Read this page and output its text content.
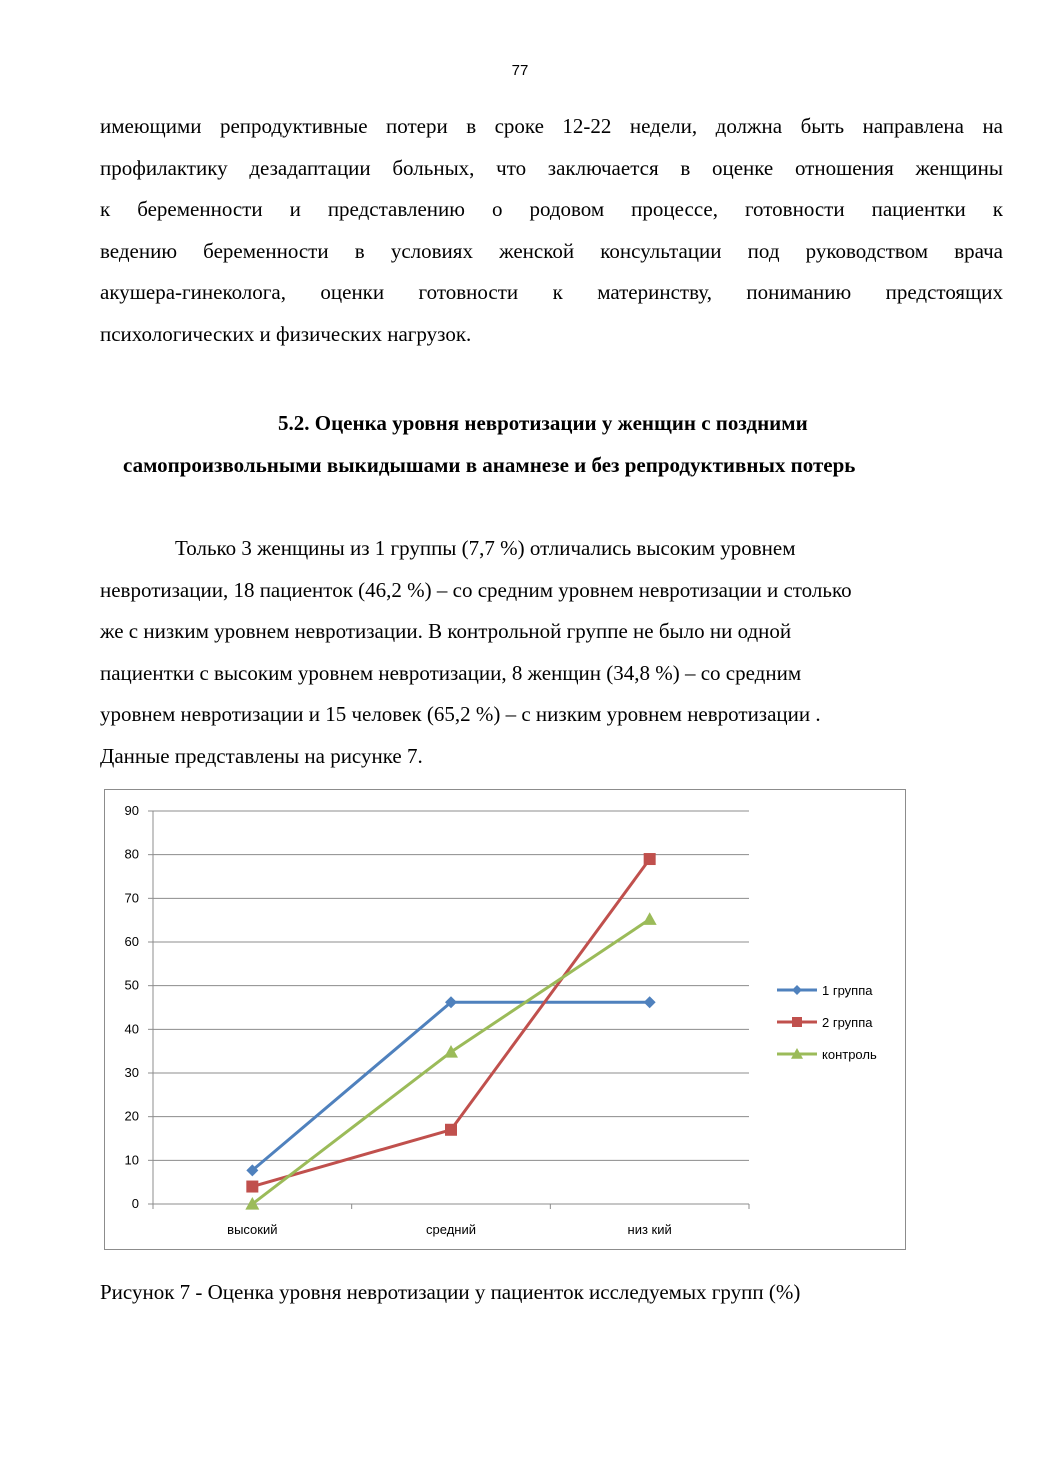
77
имеющими репродуктивные потери в сроке 12-22 недели, должна быть направлена на
профилактику дезадаптации больных, что заключается в оценке отношения женщины
к беременности и представлению о родовом процессе, готовности пациентки к
ведению беременности в условиях женской консультации под руководством врача
акушера-гинеколога, оценки готовности к материнству, пониманию предстоящих
психологических и физических нагрузок.
5.2. Оценка уровня невротизации у женщин с поздними
самопроизвольными выкидышами в анамнезе и без репродуктивных потерь
Только 3 женщины из 1 группы (7,7 %) отличались высоким уровнем
невротизации, 18 пациенток (46,2 %) – со средним уровнем невротизации и столько
же с низким уровнем невротизации. В контрольной группе не было ни одной
пациентки с высоким уровнем невротизации, 8 женщин (34,8 %) – со средним
уровнем невротизации и 15 человек (65,2 %) – с низким уровнем невротизации .
Данные представлены на рисунке 7.
0
10
20
30
40
50
60
70
80
90
высокий	средний	низ кий
1 группа
2 группа
контроль
Рисунок 7 - Оценка уровня невротизации у пациенток исследуемых групп (%)
